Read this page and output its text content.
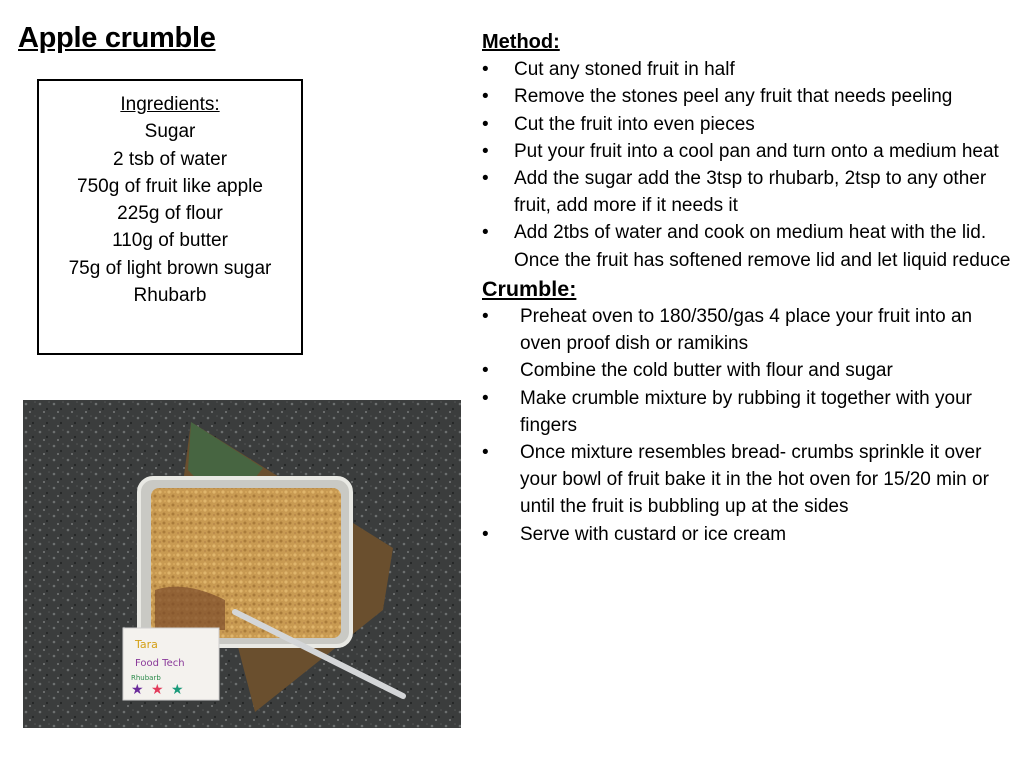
Apple crumble
Ingredients:
Sugar
2 tsb of water
750g of fruit like apple
225g of flour
110g of butter
75g of light brown sugar
Rhubarb
Method:
• Cut any stoned fruit in half
• Remove the stones peel any fruit that needs peeling
• Cut the fruit into even pieces
• Put your fruit into a cool pan and turn onto a medium heat
• Add the sugar add the 3tsp to rhubarb, 2tsp to any other fruit, add more if it needs it
• Add 2tbs of water and cook on medium heat with the lid. Once the fruit has softened remove lid and let liquid reduce
Crumble:
• Preheat oven to 180/350/gas 4 place your fruit into an oven proof dish or ramikins
• Combine the cold butter with flour and sugar
• Make crumble mixture by rubbing it together with your fingers
• Once mixture resembles bread- crumbs sprinkle it over your bowl of fruit bake it in the hot oven for 15/20 min or until the fruit is bubbling up at the sides
• Serve with custard or ice cream
Tara
Food Tech
Rhubarb
★ ★ ★
